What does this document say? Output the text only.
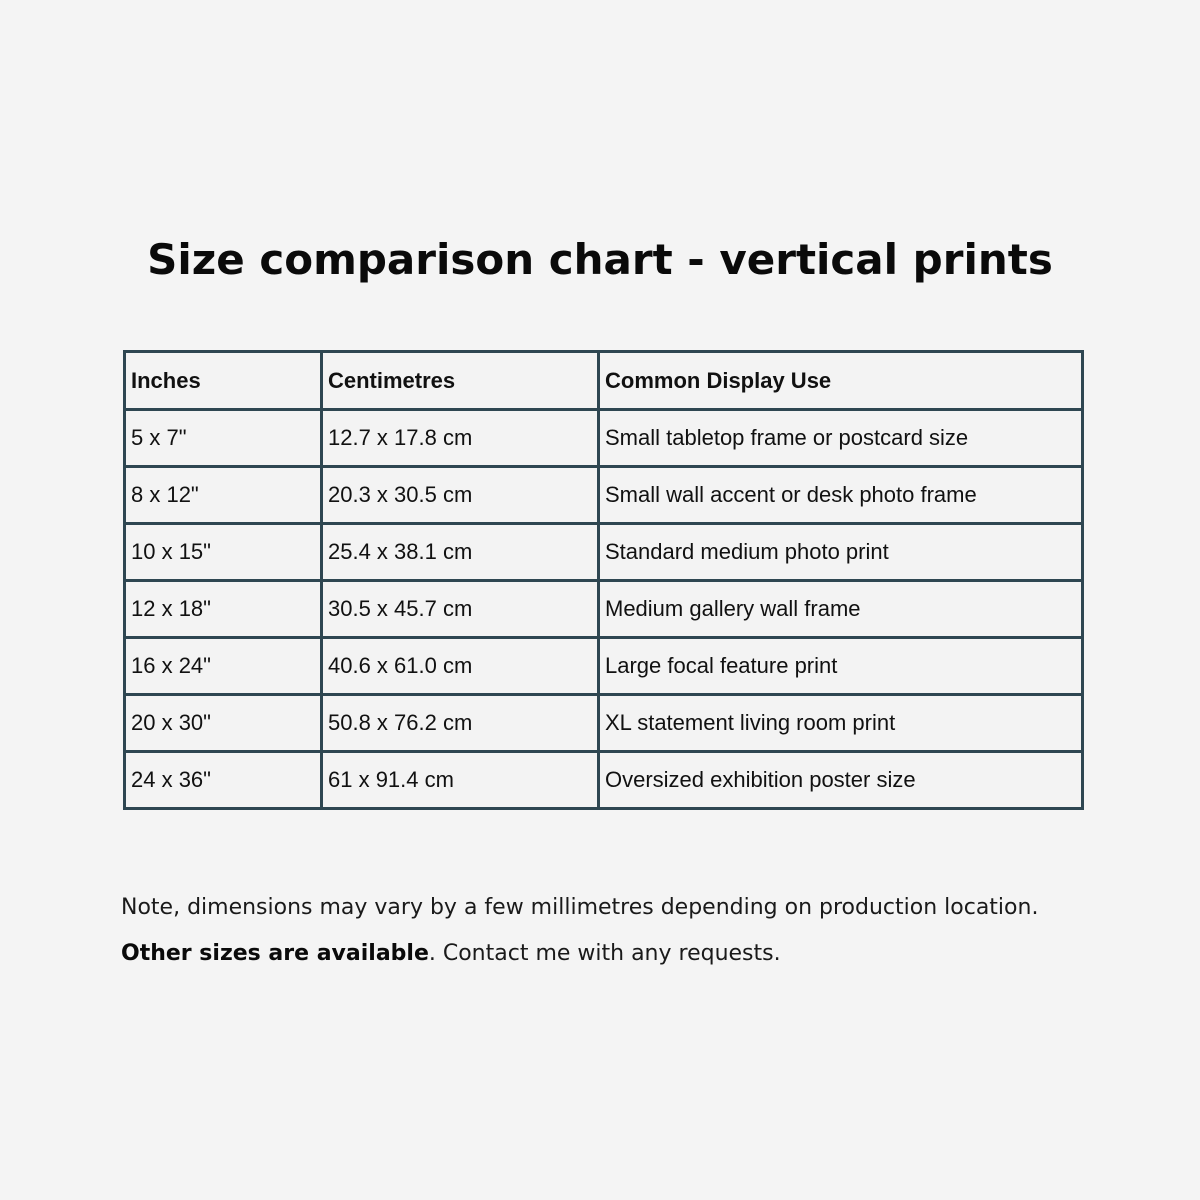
Size comparison chart - vertical prints
Inches	Centimetres	Common Display Use
5 x 7"	12.7 x 17.8 cm	Small tabletop frame or postcard size
8 x 12"	20.3 x 30.5 cm	Small wall accent or desk photo frame
10 x 15"	25.4 x 38.1 cm	Standard medium photo print
12 x 18"	30.5 x 45.7 cm	Medium gallery wall frame
16 x 24"	40.6 x 61.0 cm	Large focal feature print
20 x 30"	50.8 x 76.2 cm	XL statement living room print
24 x 36"	61 x 91.4 cm	Oversized exhibition poster size

Note, dimensions may vary by a few millimetres depending on production location.

Other sizes are available. Contact me with any requests.
